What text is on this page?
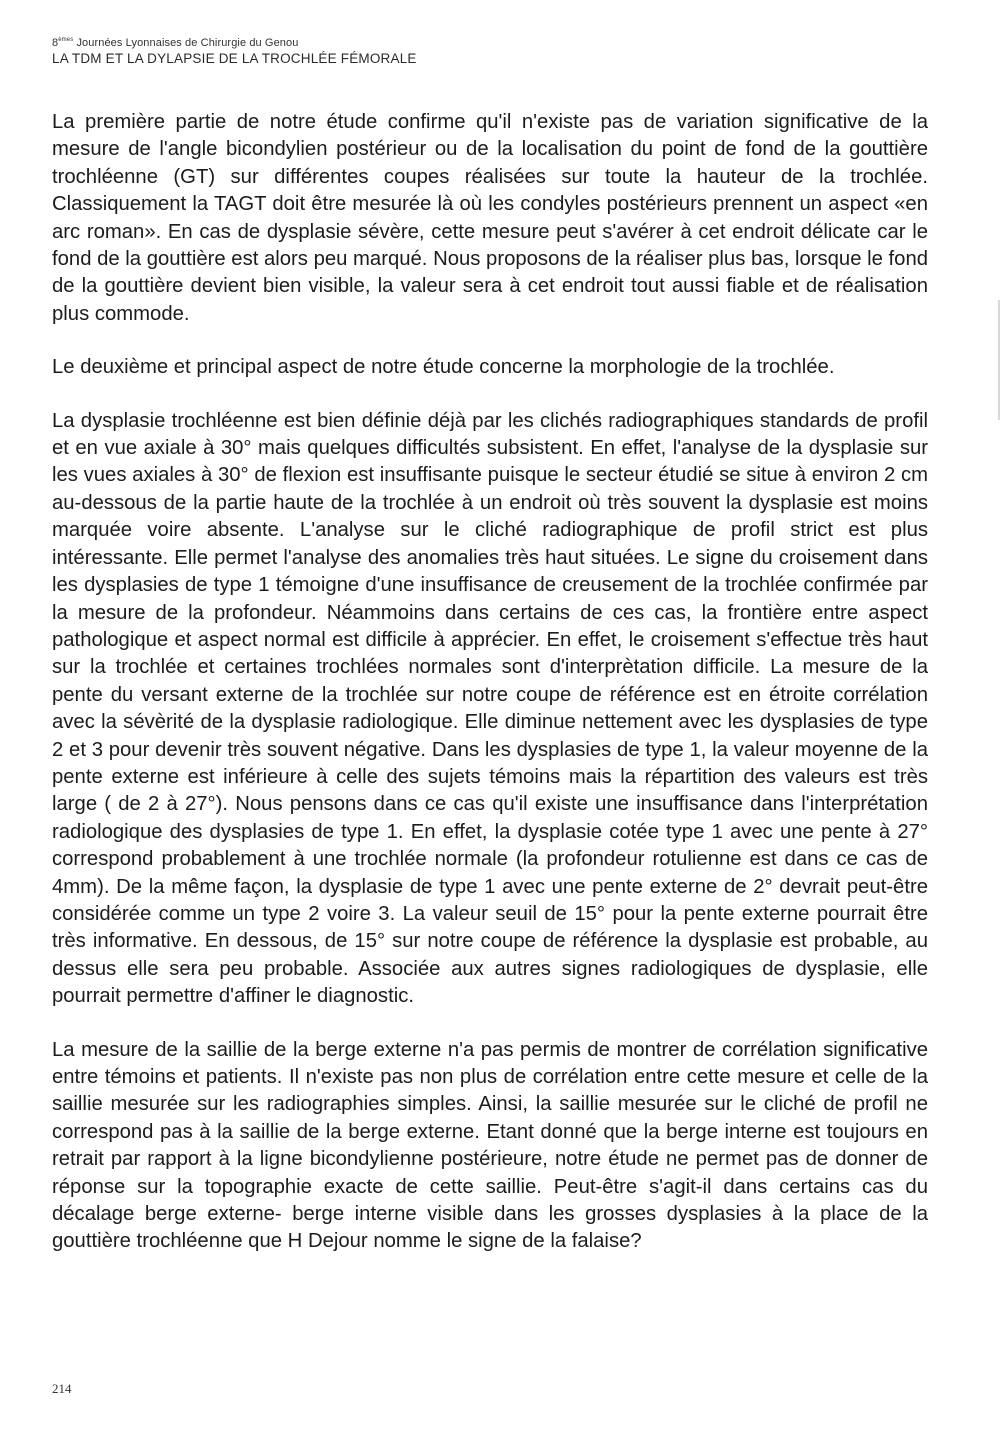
8èmes Journées Lyonnaises de Chirurgie du Genou
LA TDM ET LA DYLAPSIE DE LA TROCHLÉE FÉMORALE

La première partie de notre étude confirme qu'il n'existe pas de variation significative de la mesure de l'angle bicondylien postérieur ou de la localisation du point de fond de la gouttière trochléenne (GT) sur différentes coupes réalisées sur toute la hauteur de la trochlée. Classiquement la TAGT doit être mesurée là où les condyles postérieurs prennent un aspect «en arc roman». En cas de dysplasie sévère, cette mesure peut s'avérer à cet endroit délicate car le fond de la gouttière est alors peu marqué. Nous proposons de la réaliser plus bas, lorsque le fond de la gouttière devient bien visible, la valeur sera à cet endroit tout aussi fiable et de réalisation plus commode.

Le deuxième et principal aspect de notre étude concerne la morphologie de la trochlée.

La dysplasie trochléenne est bien définie déjà par les clichés radiographiques standards de profil et en vue axiale à 30° mais quelques difficultés subsistent. En effet, l'analyse de la dysplasie sur les vues axiales à 30° de flexion est insuffisante puisque le secteur étudié se situe à environ 2 cm au-dessous de la partie haute de la trochlée à un endroit où très souvent la dysplasie est moins marquée voire absente. L'analyse sur le cliché radiographique de profil strict est plus intéressante. Elle permet l'analyse des anomalies très haut situées. Le signe du croisement dans les dysplasies de type 1 témoigne d'une insuffisance de creusement de la trochlée confirmée par la mesure de la profondeur. Néammoins dans certains de ces cas, la frontière entre aspect pathologique et aspect normal est difficile à apprécier. En effet, le croisement s'effectue très haut sur la trochlée et certaines trochlées normales sont d'interprètation difficile. La mesure de la pente du versant externe de la trochlée sur notre coupe de référence est en étroite corrélation avec la sévèrité de la dysplasie radiologique. Elle diminue nettement avec les dysplasies de type 2 et 3 pour devenir très souvent négative. Dans les dysplasies de type 1, la valeur moyenne de la pente externe est inférieure à celle des sujets témoins mais la répartition des valeurs est très large ( de 2 à 27°). Nous pensons dans ce cas qu'il existe une insuffisance dans l'interprétation radiologique des dysplasies de type 1. En effet, la dysplasie cotée type 1 avec une pente à 27° correspond probablement à une trochlée normale (la profondeur rotulienne est dans ce cas de 4mm). De la même façon, la dysplasie de type 1 avec une pente externe de 2° devrait peut-être considérée comme un type 2 voire 3. La valeur seuil de 15° pour la pente externe pourrait être très informative. En dessous, de 15° sur notre coupe de référence la dysplasie est probable, au dessus elle sera peu probable. Associée aux autres signes radiologiques de dysplasie, elle pourrait permettre d'affiner le diagnostic.

La mesure de la saillie de la berge externe n'a pas permis de montrer de corrélation significative entre témoins et patients. Il n'existe pas non plus de corrélation entre cette mesure et celle de la saillie mesurée sur les radiographies simples. Ainsi, la saillie mesurée sur le cliché de profil ne correspond pas à la saillie de la berge externe. Etant donné que la berge interne est toujours en retrait par rapport à la ligne bicondylienne postérieure, notre étude ne permet pas de donner de réponse sur la topographie exacte de cette saillie. Peut-être s'agit-il dans certains cas du décalage berge externe- berge interne visible dans les grosses dysplasies à la place de la gouttière trochléenne que H Dejour nomme le signe de la falaise?

214
